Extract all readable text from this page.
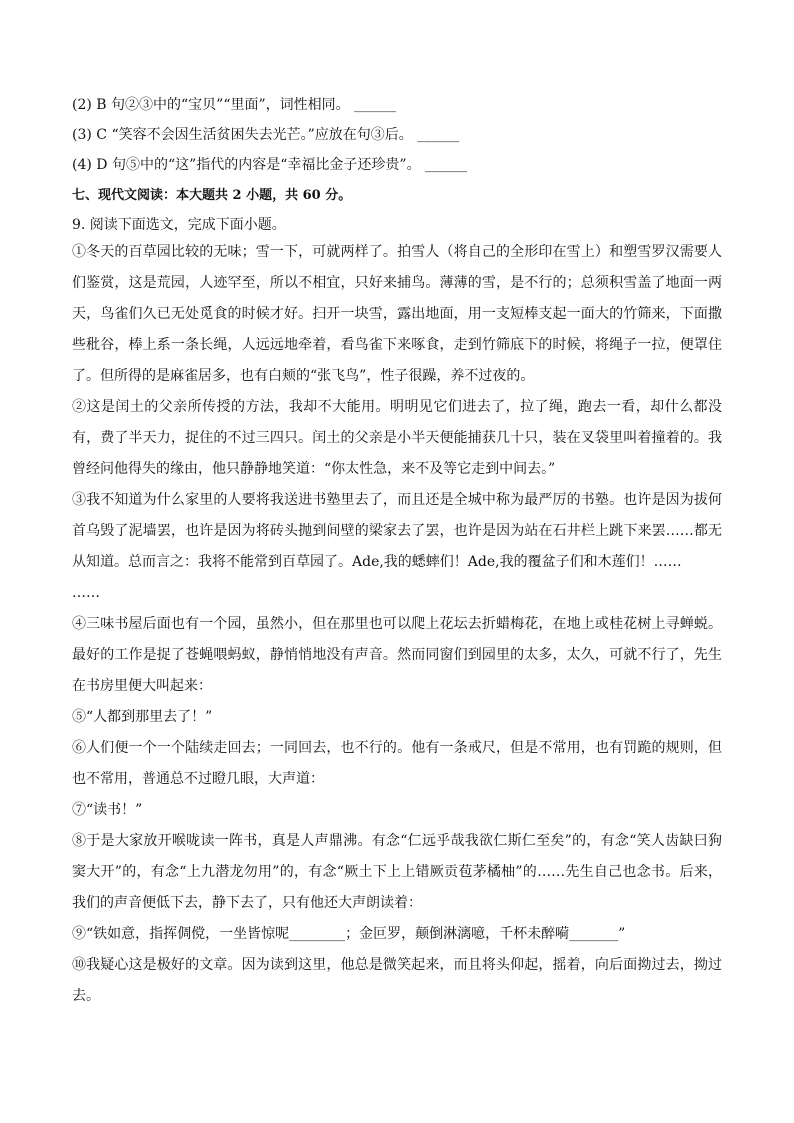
(2) B 句②③中的“宝贝”“里面”，词性相同。 ______
(3) C “笑容不会因生活贫困失去光芒。”应放在句③后。 ______
(4) D 句⑤中的“这”指代的内容是“幸福比金子还珍贵”。 ______
七、现代文阅读：本大题共 2 小题，共 60 分。
9. 阅读下面选文，完成下面小题。

①冬天的百草园比较的无味；雪一下，可就两样了。拍雪人（将自己的全形印在雪上）和塑雪罗汉需要人们鉴赏，这是荒园，人迹罕至，所以不相宜，只好来捕鸟。薄薄的雪，是不行的；总须积雪盖了地面一两天，鸟雀们久已无处觅食的时候才好。扫开一块雪，露出地面，用一支短棒支起一面大的竹筛来，下面撒些秕谷，棒上系一条长绳，人远远地牵着，看鸟雀下来啄食，走到竹筛底下的时候，将绳子一拉，便罩住了。但所得的是麻雀居多，也有白颊的“张飞鸟”，性子很躁，养不过夜的。

②这是闰土的父亲所传授的方法，我却不大能用。明明见它们进去了，拉了绳，跑去一看，却什么都没有，费了半天力，捉住的不过三四只。闰土的父亲是小半天便能捕获几十只，装在叉袋里叫着撞着的。我曾经问他得失的缘由，他只静静地笑道：“你太性急，来不及等它走到中间去。”

③我不知道为什么家里的人要将我送进书塾里去了，而且还是全城中称为最严厉的书塾。也许是因为拔何首乌毁了泥墙罢，也许是因为将砖头抛到间壁的梁家去了罢，也许是因为站在石井栏上跳下来罢……都无从知道。总而言之：我将不能常到百草园了。Ade,我的蟋蟀们！Ade,我的覆盆子们和木莲们！……

……

④三味书屋后面也有一个园，虽然小，但在那里也可以爬上花坛去折蜡梅花，在地上或桂花树上寻蝉蜕。最好的工作是捉了苍蝇喂蚂蚁，静悄悄地没有声音。然而同窗们到园里的太多，太久，可就不行了，先生在书房里便大叫起来：

⑤“人都到那里去了！”

⑥人们便一个一个陆续走回去；一同回去，也不行的。他有一条戒尺，但是不常用，也有罚跪的规则，但也不常用，普通总不过瞪几眼，大声道：

⑦“读书！”

⑧于是大家放开喉咙读一阵书，真是人声鼎沸。有念“仁远乎哉我欲仁斯仁至矣”的，有念“笑人齿缺曰狗窦大开”的，有念“上九潜龙勿用”的，有念“厥土下上上错厥贡苞茅橘柚”的……先生自己也念书。后来，我们的声音便低下去，静下去了，只有他还大声朗读着：

⑨“铁如意，指挥倜傥，一坐皆惊呢________；金叵罗，颠倒淋漓噫，千杯未醉嗬_______”

⑩我疑心这是极好的文章。因为读到这里，他总是微笑起来，而且将头仰起，摇着，向后面拗过去，拗过去。
